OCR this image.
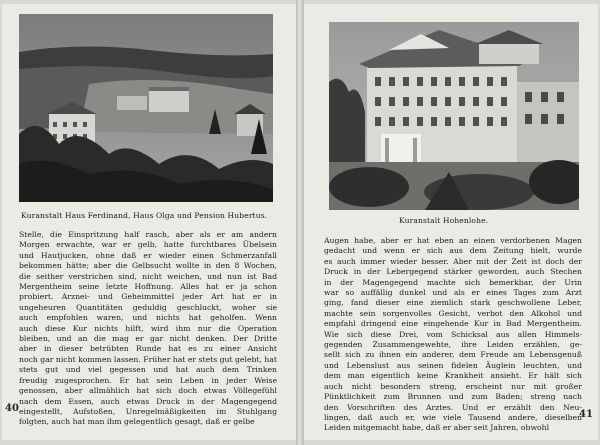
Kuranstalt Haus Ferdinand, Haus Olga und Pension Hubertus.
Stelle, die Einspritzung half rasch, aber als er am andern
Morgen erwachte, war er gelb, hatte furchtbares Übelsein
und Hautjucken, ohne daß er wieder einen Schmerzanfall
bekommen hätte; aber die Gelbsucht wollte in den 8 Wochen,
die seither verstrichen sind, nicht weichen, und nun ist Bad
Mergentheim seine letzte Hoffnung. Alles hat er ja schon
probiert. Arznei- und Geheimmittel jeder Art hat er in
ungeheuren Quantitäten geduldig geschluckt, woher sie
auch empfohlen waren, und nichts hat geholfen. Wenn
auch diese Kur nichts hilft, wird ihm nur die Operation
bleiben, und an die mag er gar nicht denken. Der Dritte
aber in dieser betrübten Runde hat es zu einer Ansicht
noch gar nicht kommen lassen. Früher hat er stets gut gelebt, hat
stets gut und viel gegessen und hat auch dem Trinken
freudig zugesprochen. Er hat sein Leben in jeder Weise
genossen, aber allmählich hat sich doch etwas Völlegefühl
nach dem Essen, auch etwas Druck in der Magengegend
eingestellt, Aufstoßen, Unregelmäßigkeiten im Stuhlgang
folgten, auch hat man ihm gelegentlich gesagt, daß er gelbe
40
Kuranstalt Hohenlohe.
Augen habe, aber er hat eben an einen verdorbenen Magen
gedacht und wenn er sich aus dem Zeitung hielt, wurde
es auch immer wieder besser. Aber mit der Zeit ist doch der
Druck in der Lebergegend stärker geworden, auch Stechen
in der Magengegend machte sich bemerkbar, der Urin
war so auffällig dunkel und als er eines Tages zum Arzt
ging, fand dieser eine ziemlich stark geschwollene Leber,
machte sein sorgenvolles Gesicht, verbot den Alkohol und
empfahl dringend eine eingehende Kur in Bad Mergentheim.
Wie sich diese Drei, vom Schicksal aus allen Himmels-
gegenden Zusammengewehte, ihre Leiden erzählen, ge-
sellt sich zu ihnen ein anderer, dem Freude am Lebensgenuß
und Lebenslust aus seinen fidelen Äuglein leuchten, und
dem man eigentlich keine Krankheit ansieht. Er hält sich
auch nicht besonders streng, erscheint nur mit großer
Pünktlichkeit zum Brunnen und zum Baden; streng nach
den Vorschriften des Arztes. Und er erzählt den Neu-
lingen, daß auch er, wie viele Tausend andere, dieselben
Leiden mitgemacht habe, daß er aber seit Jahren, obwohl
41
